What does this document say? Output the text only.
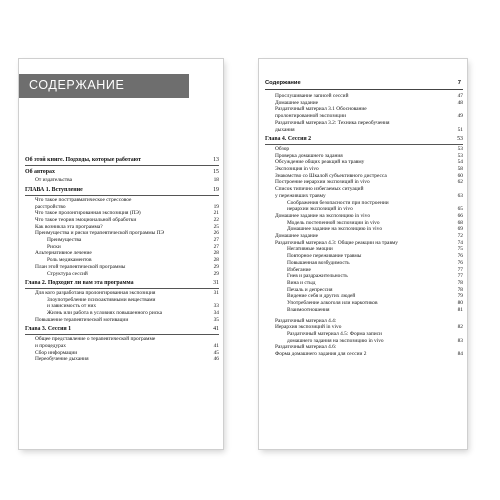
СОДЕРЖАНИЕ
Об этой книге. Подходы, которые работают	13
Об авторах	15
От издательства	18
ГЛАВА 1. Вступление	19
Что такое посттравматическое стрессовое
расстройство	19
Что такое пролонгированная экспозиция (ПЭ)	21
Что такое теория эмоциональной обработки	22
Как возникла эта программа?	25
Преимущества и риски терапевтической программы ПЭ	26
Преимущества	27
Риски	27
Альтернативное лечение	28
Роль медикаментов	28
План этой терапевтической программы	29
Структура сессий	29
Глава 2. Подходит ли вам эта программа	31
Для кого разработана пролонгированная экспозиция	31
Злоупотребление психоактивными веществами
и зависимость от них	33
Жизнь или работа в условиях повышенного риска	34
Повышение терапевтической мотивации	35
Глава 3. Сессия 1	41
Общее представление о терапевтической программе
и процедурах	41
Сбор информации	45
Переобучение дыхания	46
Содержание	7
Прослушивание записей сессий	47
Домашнее задание	48
Раздаточный материал 3.1 Обоснование
пролонгированной экспозиции	49
Раздаточный материал 3.2: Техника переобучения
дыхания	51
Глава 4. Сессия 2	53
Обзор	53
Проверка домашнего задания	53
Обсуждение общих реакций на травму	54
Экспозиция in vivo	58
Знакомство со Шкалой субъективного дистресса	60
Построение иерархии экспозиций in vivo	62
Список типично избегаемых ситуаций
у переживших травму	63
Соображения безопасности при построении
иерархии экспозиций in vivo	65
Домашнее задание на экспозицию in vivo	66
Модель постепенной экспозиции in vivo	68
Домашнее задание на экспозицию in vivo	69
Домашнее задание	72
Раздаточный материал 4.3: Общие реакции на травму	74
Негативные эмоции	75
Повторное переживание травмы	76
Повышенная возбудимость	76
Избегание	77
Гнев и раздражительность	77
Вина и стыд	78
Печаль и депрессия	78
Видение себя и других людей	79
Употребление алкоголя или наркотиков	80
Взаимоотношения	81
Раздаточный материал 4.4:
Иерархия экспозиций in vivo	82
Раздаточный материал 4.5: Форма записи
домашнего задания на экспозицию in vivo	83
Раздаточный материал 4.6:
Форма домашнего задания для сессии 2	84
